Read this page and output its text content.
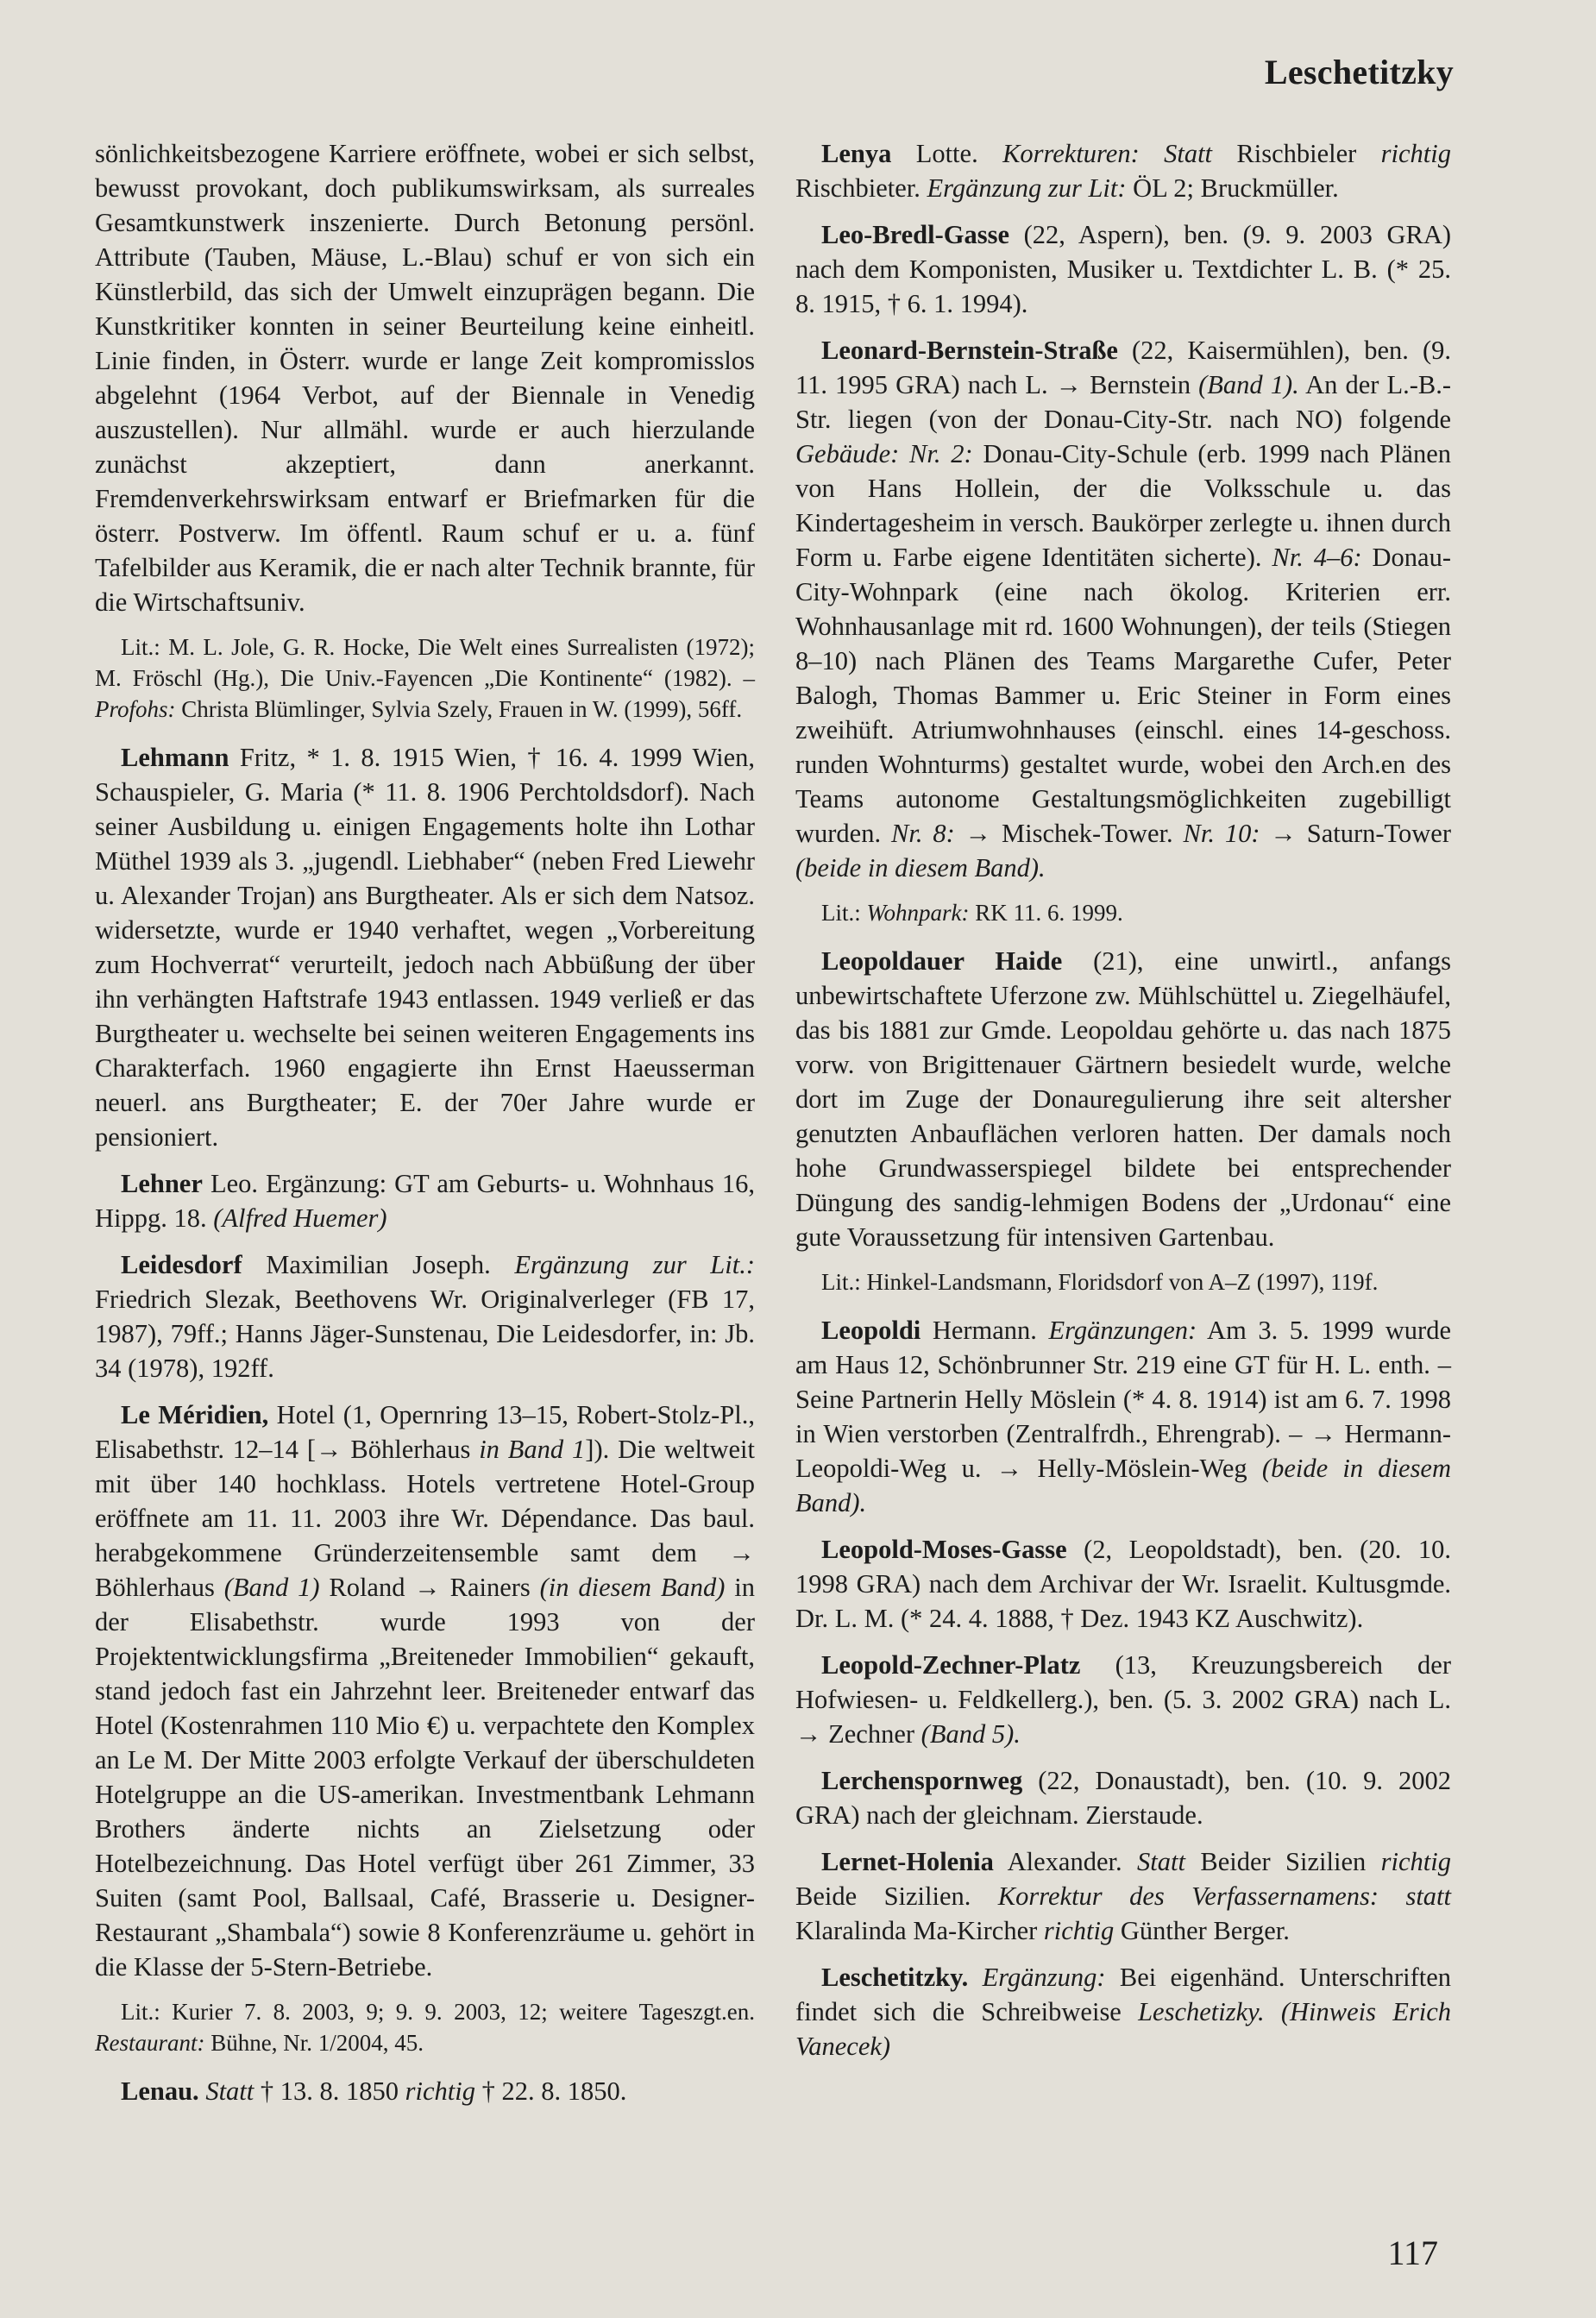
Leschetitzky

sönlichkeitsbezogene Karriere eröffnete, wobei er sich selbst, bewusst provokant, doch publikumswirksam, als surreales Gesamtkunstwerk inszenierte. Durch Betonung persönl. Attribute (Tauben, Mäuse, L.-Blau) schuf er von sich ein Künstlerbild, das sich der Umwelt einzuprägen begann. Die Kunstkritiker konnten in seiner Beurteilung keine einheitl. Linie finden, in Österr. wurde er lange Zeit kompromisslos abgelehnt (1964 Verbot, auf der Biennale in Venedig auszustellen). Nur allmähl. wurde er auch hierzulande zunächst akzeptiert, dann anerkannt. Fremdenverkehrswirksam entwarf er Briefmarken für die österr. Postverw. Im öffentl. Raum schuf er u. a. fünf Tafelbilder aus Keramik, die er nach alter Technik brannte, für die Wirtschaftsuniv.

Lit.: M. L. Jole, G. R. Hocke, Die Welt eines Surrealisten (1972); M. Fröschl (Hg.), Die Univ.-Fayencen „Die Kontinente“ (1982). – Profohs: Christa Blümlinger, Sylvia Szely, Frauen in W. (1999), 56ff.

Lehmann Fritz, * 1. 8. 1915 Wien, † 16. 4. 1999 Wien, Schauspieler, G. Maria (* 11. 8. 1906 Perchtoldsdorf). Nach seiner Ausbildung u. einigen Engagements holte ihn Lothar Müthel 1939 als 3. „jugendl. Liebhaber“ (neben Fred Liewehr u. Alexander Trojan) ans Burgtheater. Als er sich dem Natsoz. widersetzte, wurde er 1940 verhaftet, wegen „Vorbereitung zum Hochverrat“ verurteilt, jedoch nach Abbüßung der über ihn verhängten Haftstrafe 1943 entlassen. 1949 verließ er das Burgtheater u. wechselte bei seinen weiteren Engagements ins Charakterfach. 1960 engagierte ihn Ernst Haeusserman neuerl. ans Burgtheater; E. der 70er Jahre wurde er pensioniert.

Lehner Leo. Ergänzung: GT am Geburts- u. Wohnhaus 16, Hippg. 18. (Alfred Huemer)

Leidesdorf Maximilian Joseph. Ergänzung zur Lit.: Friedrich Slezak, Beethovens Wr. Originalverleger (FB 17, 1987), 79ff.; Hanns Jäger-Sunstenau, Die Leidesdorfer, in: Jb. 34 (1978), 192ff.

Le Méridien, Hotel (1, Opernring 13–15, Robert-Stolz-Pl., Elisabethstr. 12–14 [→ Böhlerhaus in Band 1]). Die weltweit mit über 140 hochklass. Hotels vertretene Hotel-Group eröffnete am 11. 11. 2003 ihre Wr. Dépendance. Das baul. herabgekommene Gründerzeitensemble samt dem → Böhlerhaus (Band 1) Roland → Rainers (in diesem Band) in der Elisabethstr. wurde 1993 von der Projektentwicklungsfirma „Breiteneder Immobilien“ gekauft, stand jedoch fast ein Jahrzehnt leer. Breiteneder entwarf das Hotel (Kostenrahmen 110 Mio €) u. verpachtete den Komplex an Le M. Der Mitte 2003 erfolgte Verkauf der überschuldeten Hotelgruppe an die US-amerikan. Investmentbank Lehmann Brothers änderte nichts an Zielsetzung oder Hotelbezeichnung. Das Hotel verfügt über 261 Zimmer, 33 Suiten (samt Pool, Ballsaal, Café, Brasserie u. Designer-Restaurant „Shambala“) sowie 8 Konferenzräume u. gehört in die Klasse der 5-Stern-Betriebe.

Lit.: Kurier 7. 8. 2003, 9; 9. 9. 2003, 12; weitere Tageszgt.en. Restaurant: Bühne, Nr. 1/2004, 45.

Lenau. Statt † 13. 8. 1850 richtig † 22. 8. 1850.

Lenya Lotte. Korrekturen: Statt Rischbieler richtig Rischbieter. Ergänzung zur Lit: ÖL 2; Bruckmüller.

Leo-Bredl-Gasse (22, Aspern), ben. (9. 9. 2003 GRA) nach dem Komponisten, Musiker u. Textdichter L. B. (* 25. 8. 1915, † 6. 1. 1994).

Leonard-Bernstein-Straße (22, Kaisermühlen), ben. (9. 11. 1995 GRA) nach L. → Bernstein (Band 1). An der L.-B.-Str. liegen (von der Donau-City-Str. nach NO) folgende Gebäude: Nr. 2: Donau-City-Schule (erb. 1999 nach Plänen von Hans Hollein, der die Volksschule u. das Kindertagesheim in versch. Baukörper zerlegte u. ihnen durch Form u. Farbe eigene Identitäten sicherte). Nr. 4–6: Donau-City-Wohnpark (eine nach ökolog. Kriterien err. Wohnhausanlage mit rd. 1600 Wohnungen), der teils (Stiegen 8–10) nach Plänen des Teams Margarethe Cufer, Peter Balogh, Thomas Bammer u. Eric Steiner in Form eines zweihüft. Atriumwohnhauses (einschl. eines 14-geschoss. runden Wohnturms) gestaltet wurde, wobei den Arch.en des Teams autonome Gestaltungsmöglichkeiten zugebilligt wurden. Nr. 8: → Mischek-Tower. Nr. 10: → Saturn-Tower (beide in diesem Band).

Lit.: Wohnpark: RK 11. 6. 1999.

Leopoldauer Haide (21), eine unwirtl., anfangs unbewirtschaftete Uferzone zw. Mühlschüttel u. Ziegelhäufel, das bis 1881 zur Gmde. Leopoldau gehörte u. das nach 1875 vorw. von Brigittenauer Gärtnern besiedelt wurde, welche dort im Zuge der Donauregulierung ihre seit altersher genutzten Anbauflächen verloren hatten. Der damals noch hohe Grundwasserspiegel bildete bei entsprechender Düngung des sandig-lehmigen Bodens der „Urdonau“ eine gute Voraussetzung für intensiven Gartenbau.

Lit.: Hinkel-Landsmann, Floridsdorf von A–Z (1997), 119f.

Leopoldi Hermann. Ergänzungen: Am 3. 5. 1999 wurde am Haus 12, Schönbrunner Str. 219 eine GT für H. L. enth. – Seine Partnerin Helly Möslein (* 4. 8. 1914) ist am 6. 7. 1998 in Wien verstorben (Zentralfrdh., Ehrengrab). – → Hermann-Leopoldi-Weg u. → Helly-Möslein-Weg (beide in diesem Band).

Leopold-Moses-Gasse (2, Leopoldstadt), ben. (20. 10. 1998 GRA) nach dem Archivar der Wr. Israelit. Kultusgmde. Dr. L. M. (* 24. 4. 1888, † Dez. 1943 KZ Auschwitz).

Leopold-Zechner-Platz (13, Kreuzungsbereich der Hofwiesen- u. Feldkellerg.), ben. (5. 3. 2002 GRA) nach L. → Zechner (Band 5).

Lerchenspornweg (22, Donaustadt), ben. (10. 9. 2002 GRA) nach der gleichnam. Zierstaude.

Lernet-Holenia Alexander. Statt Beider Sizilien richtig Beide Sizilien. Korrektur des Verfassernamens: statt Klaralinda Ma-Kircher richtig Günther Berger.

Leschetitzky. Ergänzung: Bei eigenhänd. Unterschriften findet sich die Schreibweise Leschetizky. (Hinweis Erich Vanecek)

117
